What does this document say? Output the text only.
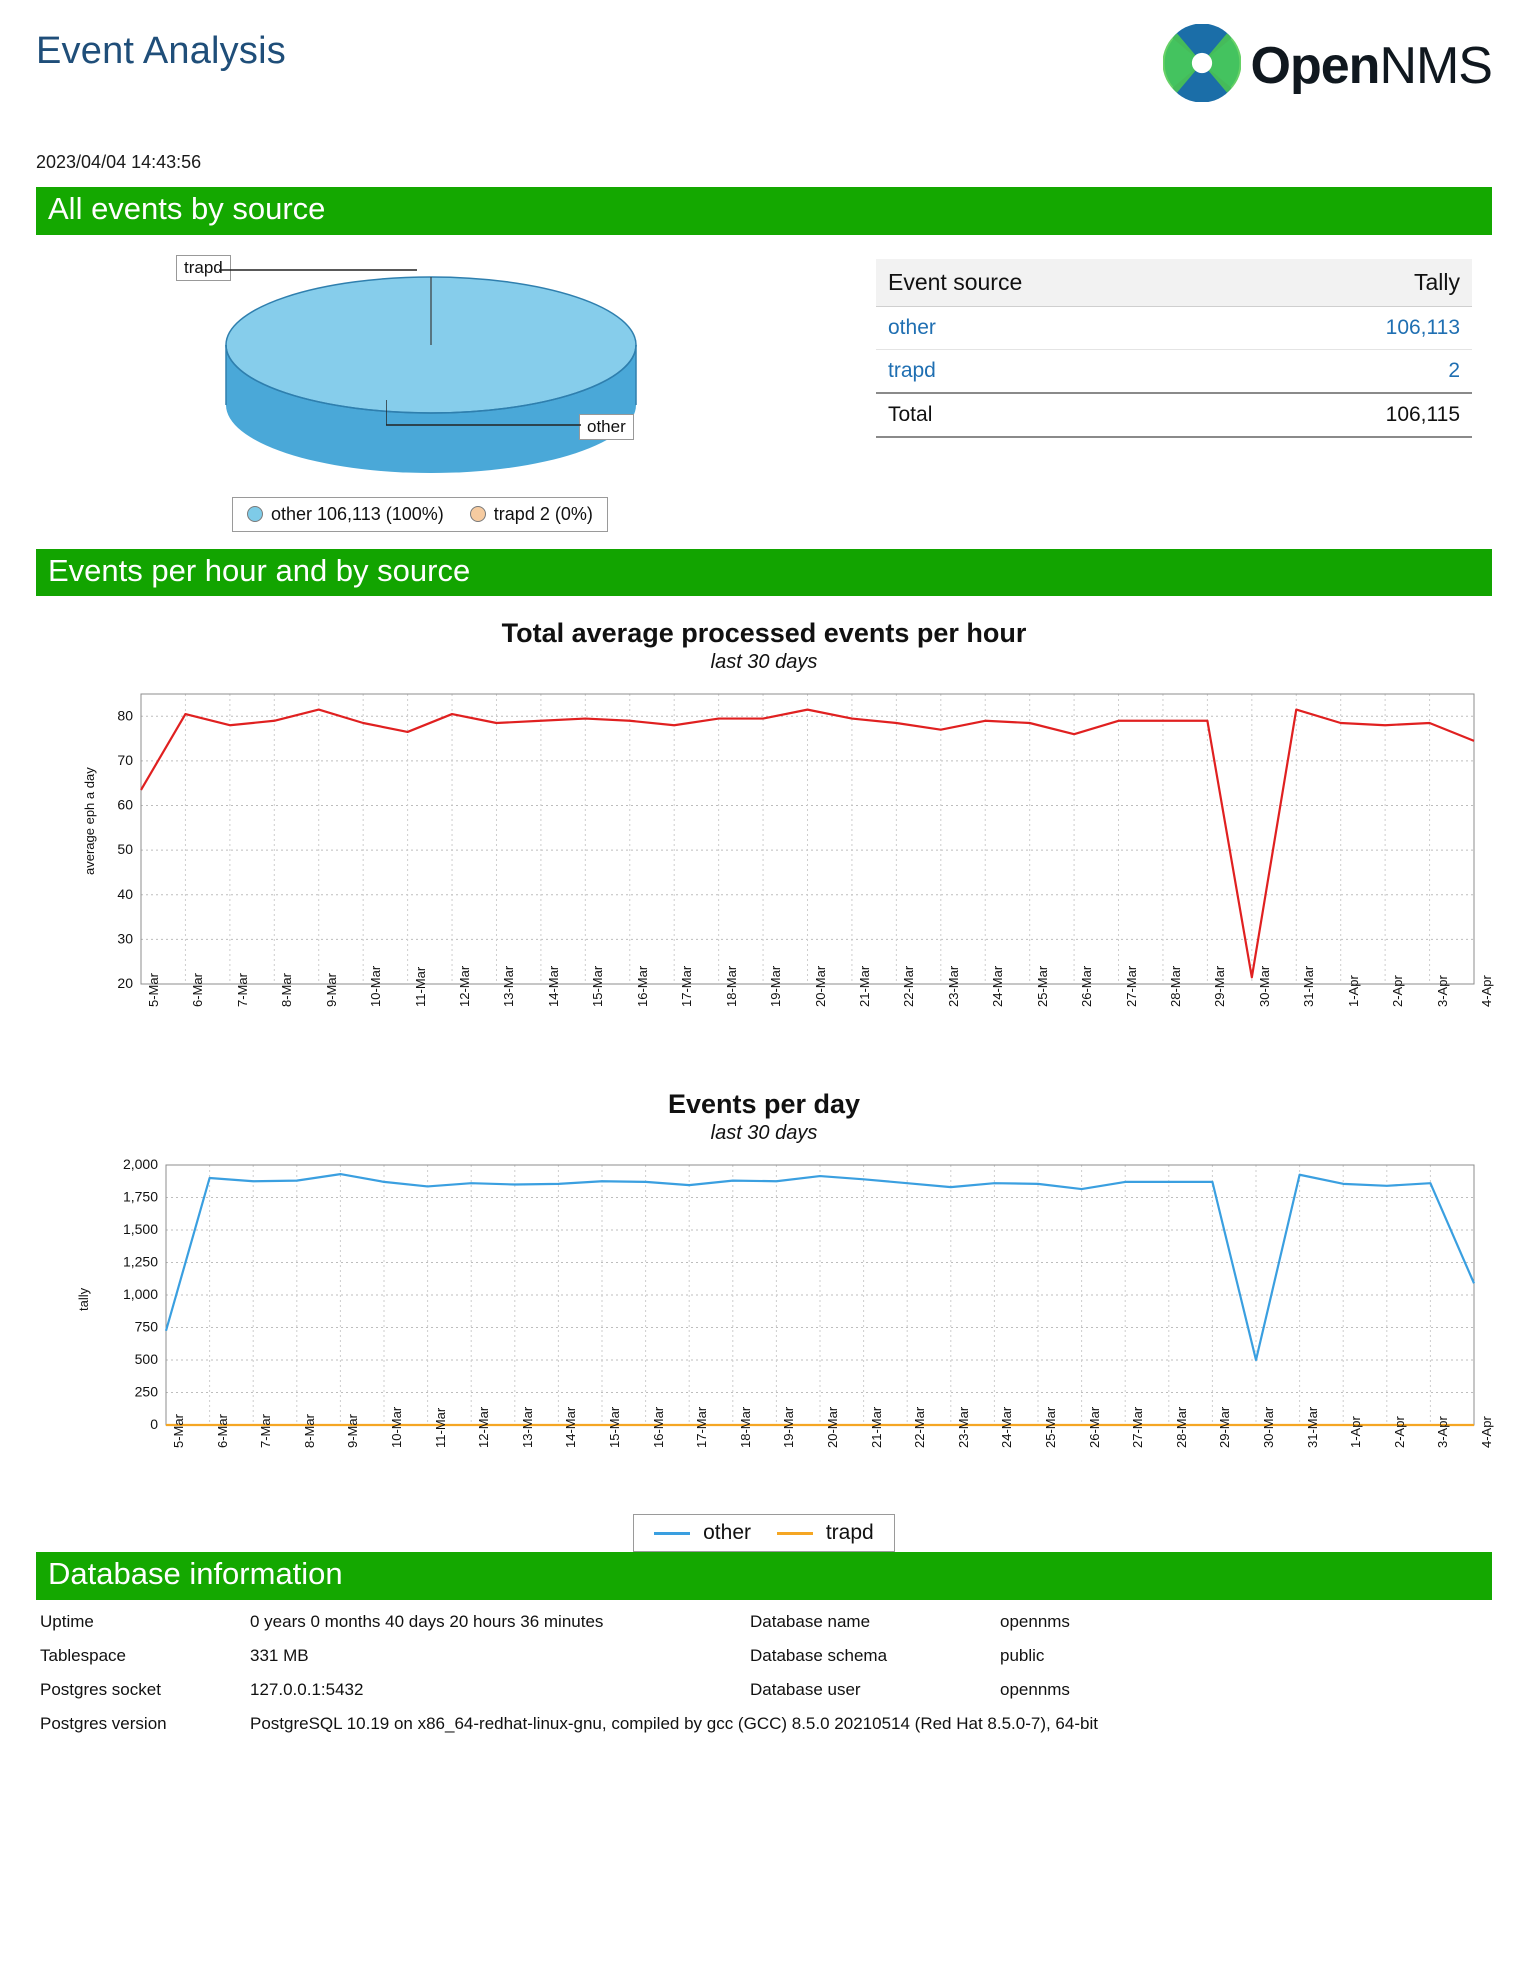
Event Analysis	OpenNMS
2023/04/04 14:43:56
All events by source
trapd
other
other 106,113 (100%)	trapd 2 (0%)
Event source	Tally
other	106,113
trapd	2
Total	106,115
Events per hour and by source
Total average processed events per hour
last 30 days
average eph a day
20
30
40
50
60
70
80
5-Mar 6-Mar 7-Mar 8-Mar 9-Mar 10-Mar 11-Mar 12-Mar 13-Mar 14-Mar 15-Mar 16-Mar 17-Mar 18-Mar 19-Mar 20-Mar 21-Mar 22-Mar 23-Mar 24-Mar 25-Mar 26-Mar 27-Mar 28-Mar 29-Mar 30-Mar 31-Mar 1-Apr 2-Apr 3-Apr 4-Apr
Events per day
last 30 days
tally
0
250
500
750
1,000
1,250
1,500
1,750
2,000
5-Mar 6-Mar 7-Mar 8-Mar 9-Mar 10-Mar 11-Mar 12-Mar 13-Mar 14-Mar 15-Mar 16-Mar 17-Mar 18-Mar 19-Mar 20-Mar 21-Mar 22-Mar 23-Mar 24-Mar 25-Mar 26-Mar 27-Mar 28-Mar 29-Mar 30-Mar 31-Mar 1-Apr 2-Apr 3-Apr 4-Apr
other	trapd
Database information
Uptime	0 years 0 months 40 days 20 hours 36 minutes	Database name	opennms
Tablespace	331 MB	Database schema	public
Postgres socket	127.0.0.1:5432	Database user	opennms
Postgres version	PostgreSQL 10.19 on x86_64-redhat-linux-gnu, compiled by gcc (GCC) 8.5.0 20210514 (Red Hat 8.5.0-7), 64-bit
